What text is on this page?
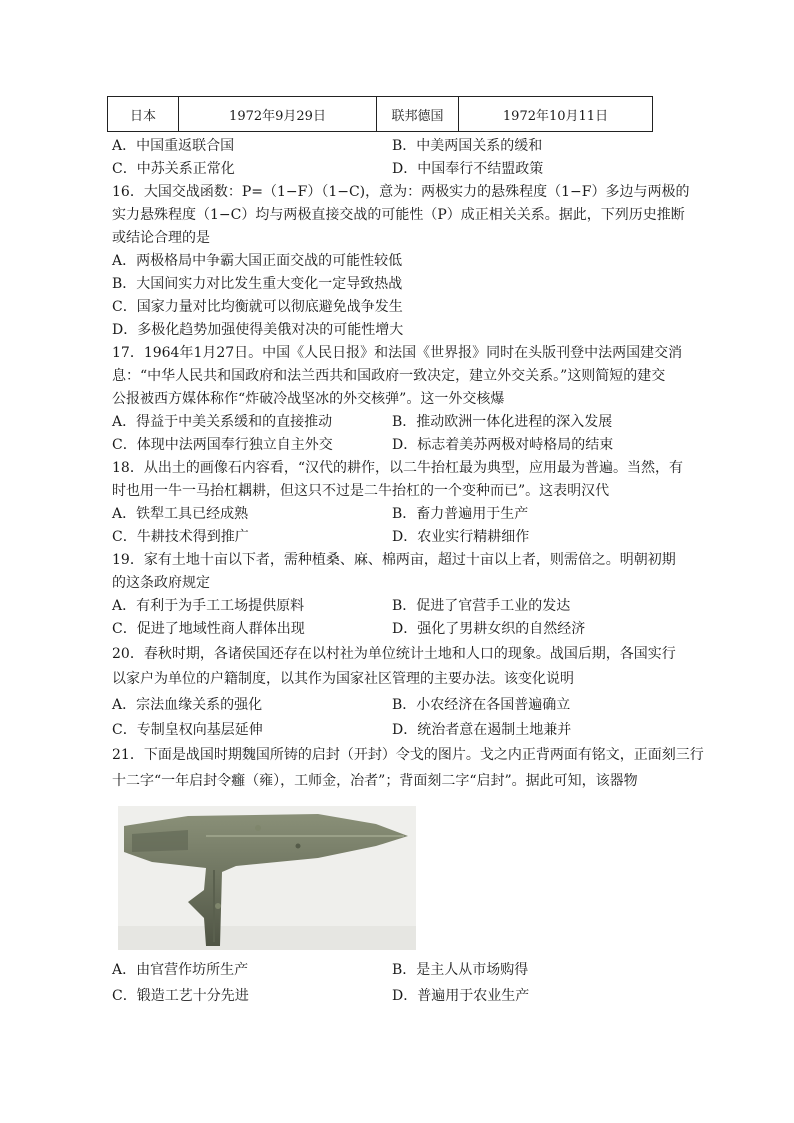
日本	1972年9月29日	联邦德国	1972年10月11日
A．中国重返联合国	B．中美两国关系的缓和
C．中苏关系正常化	D．中国奉行不结盟政策
16．大国交战函数：P=（1−F）（1−C)，意为：两极实力的悬殊程度（1−F）多边与两极的
实力悬殊程度（1−C）均与两极直接交战的可能性（P）成正相关关系。据此，下列历史推断
或结论合理的是
A．两极格局中争霸大国正面交战的可能性较低
B．大国间实力对比发生重大变化一定导致热战
C．国家力量对比均衡就可以彻底避免战争发生
D．多极化趋势加强使得美俄对决的可能性增大
17．1964年1月27日。中国《人民日报》和法国《世界报》同时在头版刊登中法两国建交消
息：“中华人民共和国政府和法兰西共和国政府一致决定，建立外交关系。”这则简短的建交
公报被西方媒体称作“炸破冷战坚冰的外交核弹”。这一外交核爆
A．得益于中美关系缓和的直接推动	B．推动欧洲一体化进程的深入发展
C．体现中法两国奉行独立自主外交	D．标志着美苏两极对峙格局的结束
18．从出土的画像石内容看，“汉代的耕作，以二牛抬杠最为典型，应用最为普遍。当然，有
时也用一牛一马抬杠耦耕，但这只不过是二牛抬杠的一个变种而已”。这表明汉代
A．铁犁工具已经成熟	B．畜力普遍用于生产
C．牛耕技术得到推广	D．农业实行精耕细作
19．家有土地十亩以下者，需种植桑、麻、棉两亩，超过十亩以上者，则需倍之。明朝初期
的这条政府规定
A．有利于为手工工场提供原料	B．促进了官营手工业的发达
C．促进了地域性商人群体出现	D．强化了男耕女织的自然经济
20．春秋时期，各诸侯国还存在以村社为单位统计土地和人口的现象。战国后期，各国实行
以家户为单位的户籍制度，以其作为国家社区管理的主要办法。该变化说明
A．宗法血缘关系的强化	B．小农经济在各国普遍确立
C．专制皇权向基层延伸	D．统治者意在遏制土地兼并
21．下面是战国时期魏国所铸的启封（开封）令戈的图片。戈之内正背两面有铭文，正面刻三行
十二字“一年启封令癰（雍），工师金，冶者”；背面刻二字“启封”。据此可知，该器物
A．由官营作坊所生产	B．是主人从市场购得
C．锻造工艺十分先进	D．普遍用于农业生产
